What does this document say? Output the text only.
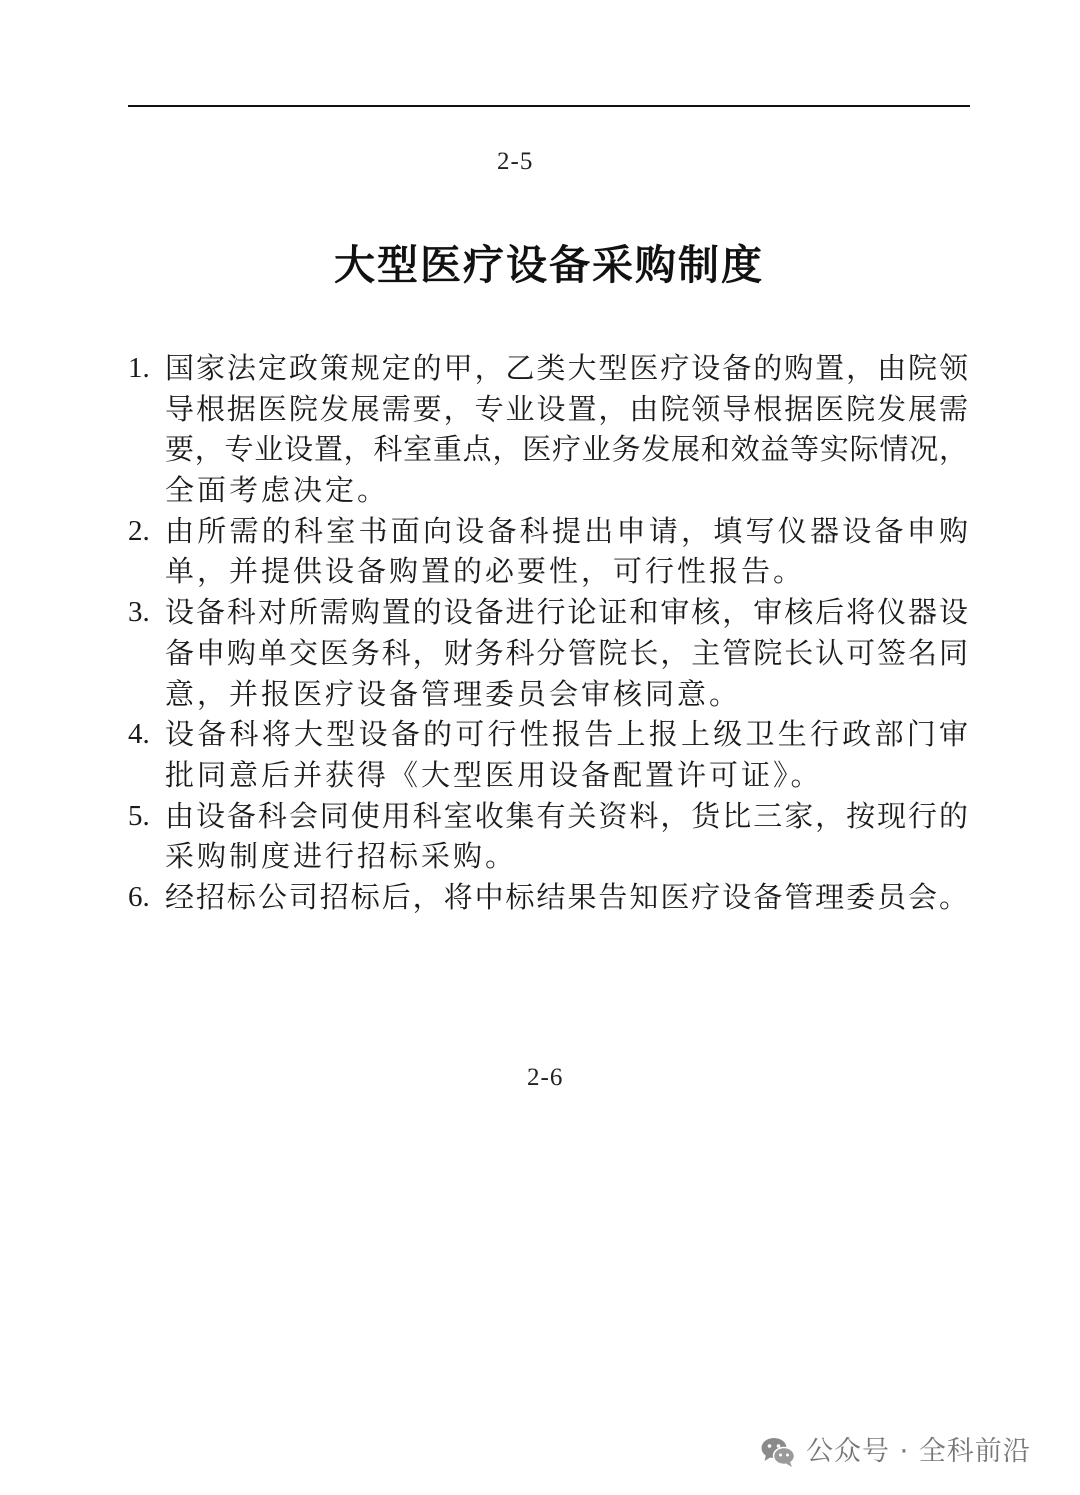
2-5
大型医疗设备采购制度
1. 国家法定政策规定的甲，乙类大型医疗设备的购置，由院领
导根据医院发展需要，专业设置，由院领导根据医院发展需
要，专业设置，科室重点，医疗业务发展和效益等实际情况，
全面考虑决定。
2. 由所需的科室书面向设备科提出申请，填写仪器设备申购
单，并提供设备购置的必要性，可行性报告。
3. 设备科对所需购置的设备进行论证和审核，审核后将仪器设
备申购单交医务科，财务科分管院长，主管院长认可签名同
意，并报医疗设备管理委员会审核同意。
4. 设备科将大型设备的可行性报告上报上级卫生行政部门审
批同意后并获得《大型医用设备配置许可证》。
5. 由设备科会同使用科室收集有关资料，货比三家，按现行的
采购制度进行招标采购。
6. 经招标公司招标后，将中标结果告知医疗设备管理委员会。
2-6
公众号 · 全科前沿
